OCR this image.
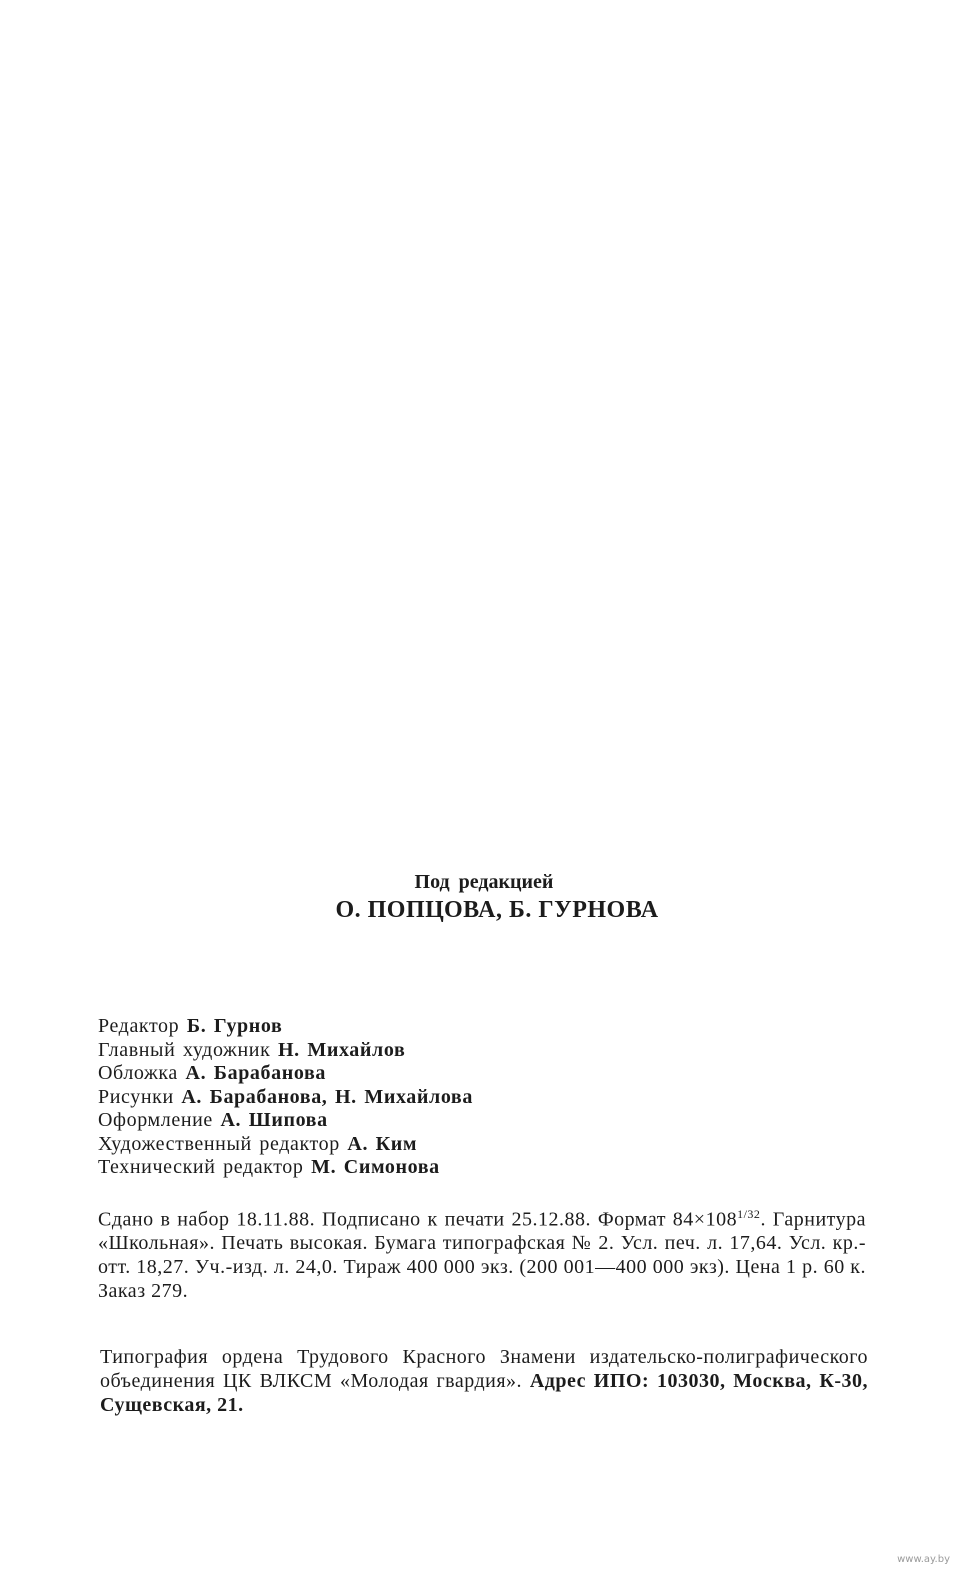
Под редакцией
О. ПОПЦОВА, Б. ГУРНОВА
Редактор Б. Гурнов
Главный художник Н. Михайлов
Обложка А. Барабанова
Рисунки А. Барабанова, Н. Михайлова
Оформление А. Шипова
Художественный редактор А. Ким
Технический редактор М. Симонова
Сдано в набор 18.11.88. Подписано к печати 25.12.88. Формат $84\times 108^{1/32}$. Гарнитура «Школьная». Печать высокая. Бумага типографская № 2. Усл. печ. л. 17,64. Усл. кр.-отт. 18,27. Уч.-изд. л. 24,0. Тираж 400 000 экз. (200 001—400 000 экз). Цена 1 р. 60 к. Заказ 279.
Типография ордена Трудового Красного Знамени издательско-полиграфического объединения ЦК ВЛКСМ «Молодая гвардия». Адрес ИПО: 103030, Москва, К-30, Сущевская, 21.
www.ay.by
